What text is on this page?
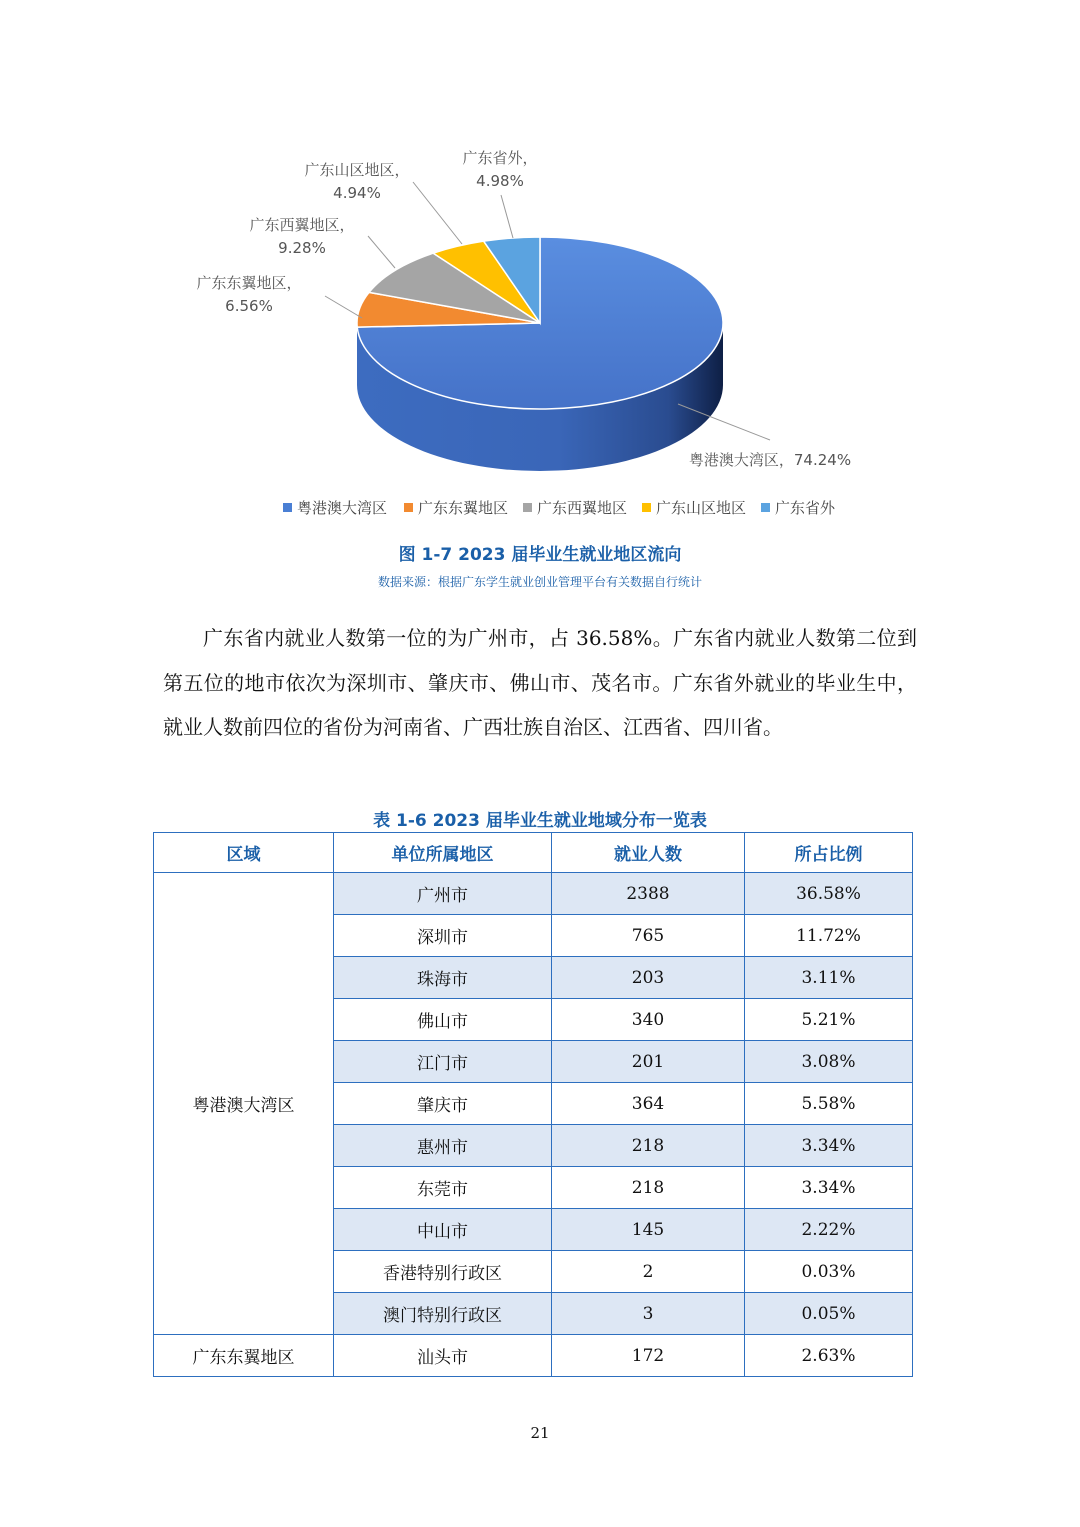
粤港澳大湾区，74.24%
广东东翼地区，
6.56%
广东西翼地区，
9.28%
广东山区地区，
4.94%
广东省外，
4.98%
粤港澳大湾区 广东东翼地区 广东西翼地区 广东山区地区 广东省外
图 1-7 2023 届毕业生就业地区流向
数据来源：根据广东学生就业创业管理平台有关数据自行统计
广东省内就业人数第一位的为广州市，占 36.58%。广东省内就业人数第二位到第五位的地市依次为深圳市、肇庆市、佛山市、茂名市。广东省外就业的毕业生中，就业人数前四位的省份为河南省、广西壮族自治区、江西省、四川省。
表 1-6 2023 届毕业生就业地域分布一览表
区域	单位所属地区	就业人数	所占比例
粤港澳大湾区	广州市	2388	36.58%
	深圳市	765	11.72%
	珠海市	203	3.11%
	佛山市	340	5.21%
	江门市	201	3.08%
	肇庆市	364	5.58%
	惠州市	218	3.34%
	东莞市	218	3.34%
	中山市	145	2.22%
	香港特别行政区	2	0.03%
	澳门特别行政区	3	0.05%
广东东翼地区	汕头市	172	2.63%
21
